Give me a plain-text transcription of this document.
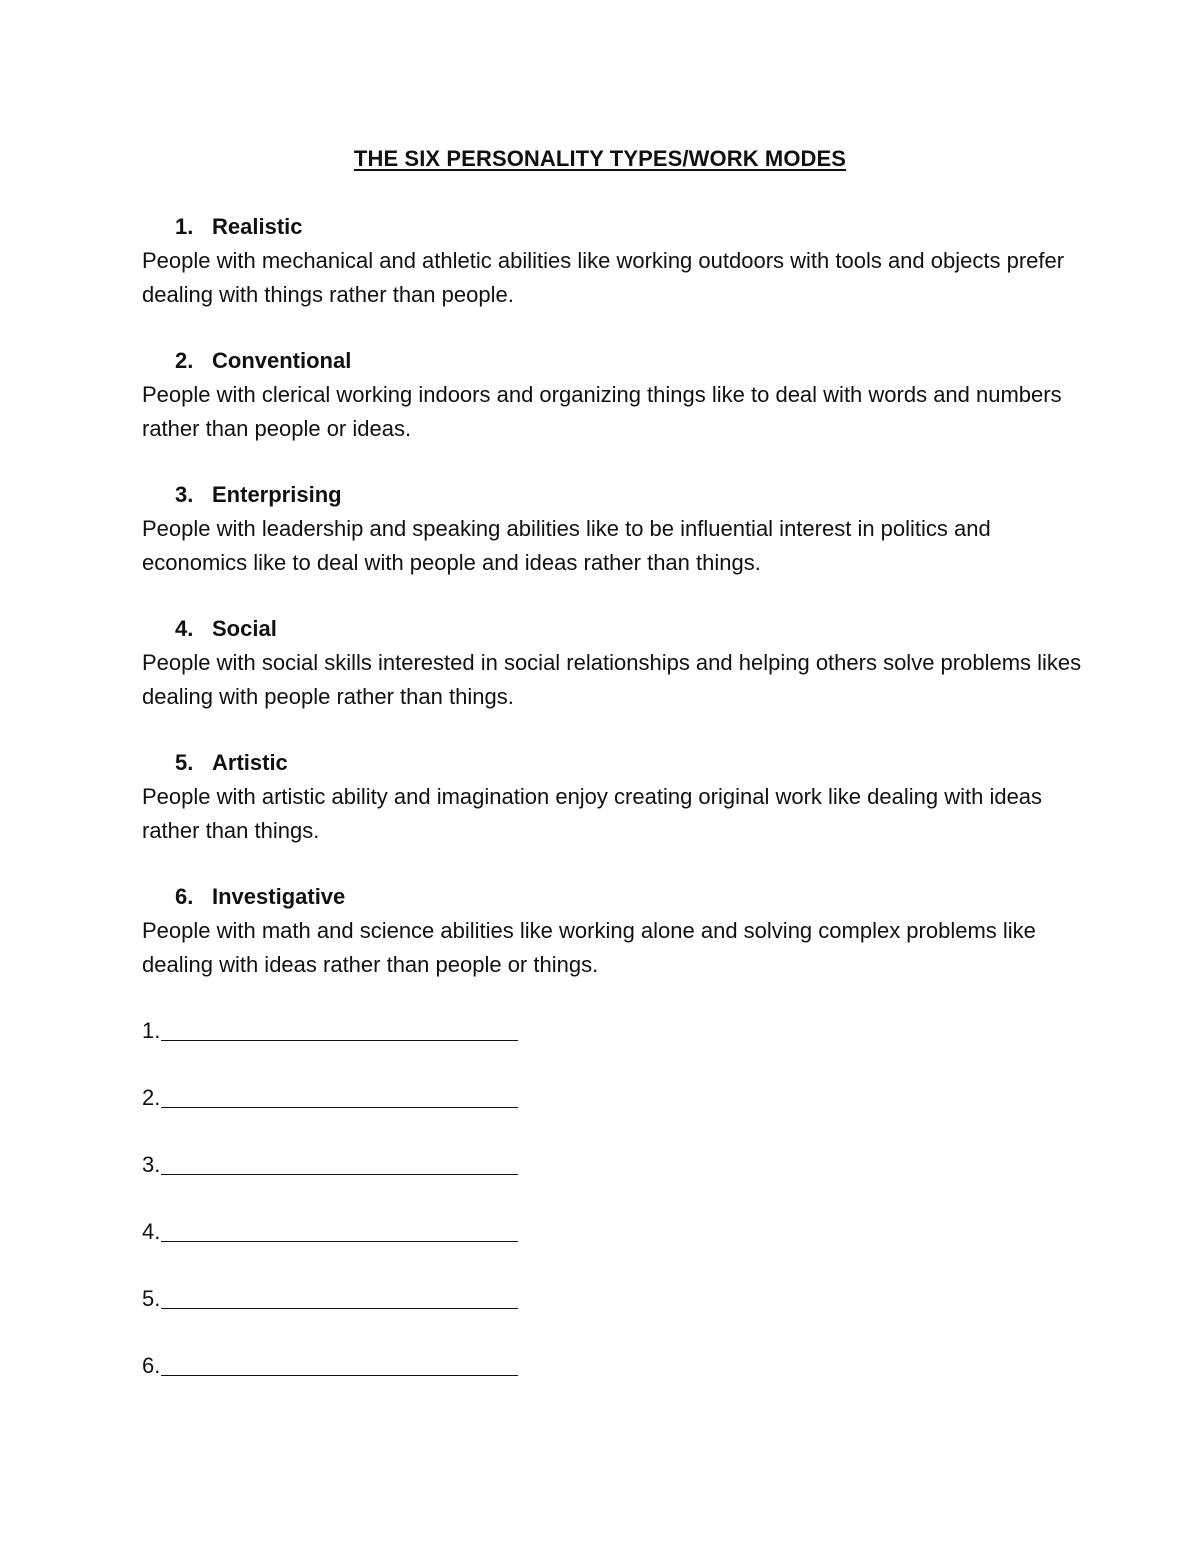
THE SIX PERSONALITY TYPES/WORK MODES
1. Realistic
People with mechanical and athletic abilities like working outdoors with tools and objects prefer dealing with things rather than people.
2. Conventional
People with clerical working indoors and organizing things like to deal with words and numbers rather than people or ideas.
3. Enterprising
People with leadership and speaking abilities like to be influential interest in politics and economics like to deal with people and ideas rather than things.
4. Social
People with social skills interested in social relationships and helping others solve problems likes dealing with people rather than things.
5. Artistic
People with artistic ability and imagination enjoy creating original work like dealing with ideas rather than things.
6. Investigative
People with math and science abilities like working alone and solving complex problems like dealing with ideas rather than people or things.
1.
2.
3.
4.
5.
6.
